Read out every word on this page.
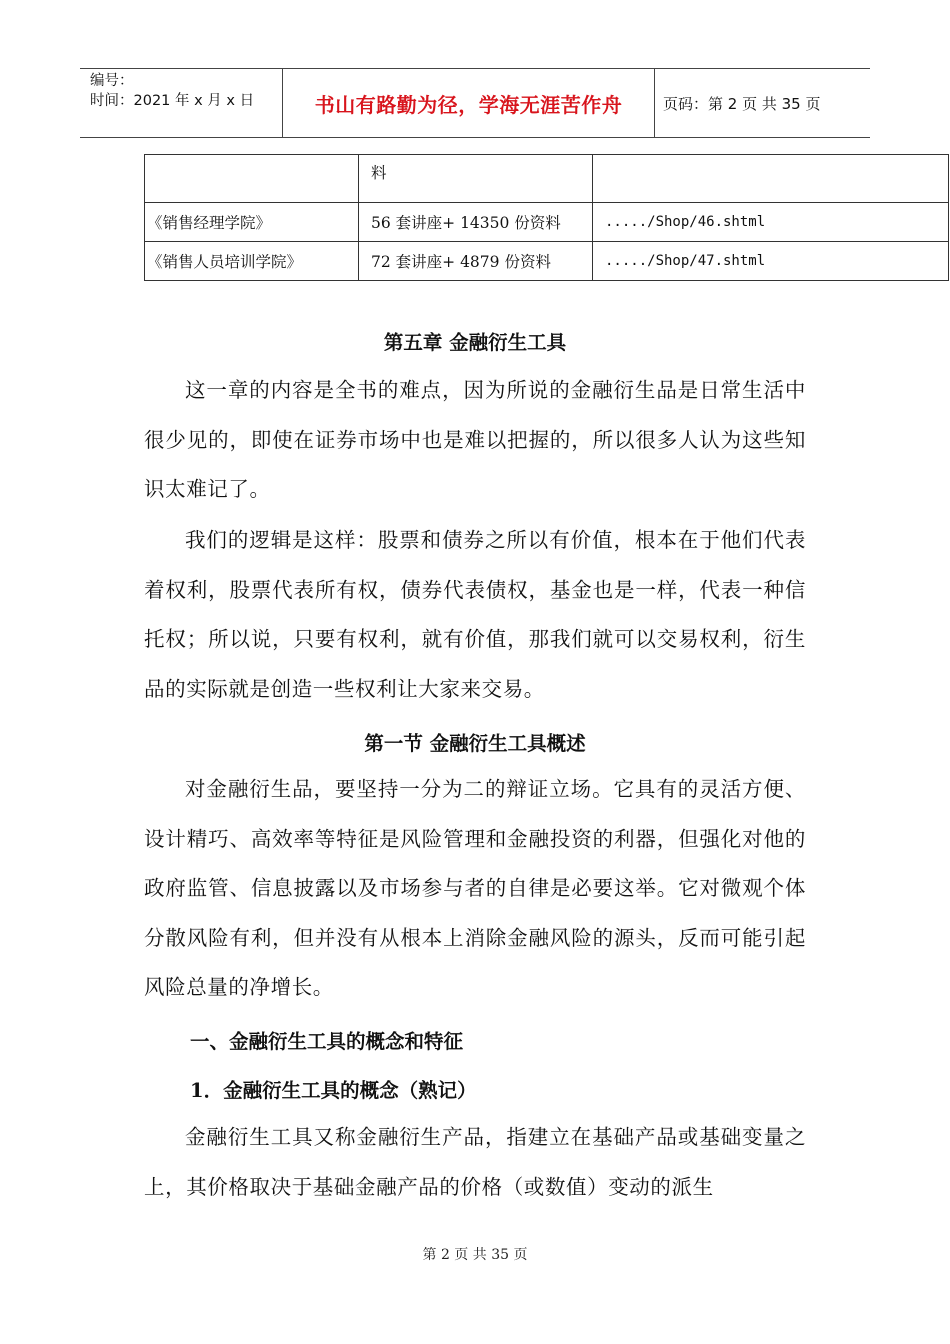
编号：
时间：2021 年 x 月 x 日	书山有路勤为径，学海无涯苦作舟	页码：第 2 页 共 35 页
	料	
《销售经理学院》	56 套讲座+ 14350 份资料	...../Shop/46.shtml
《销售人员培训学院》	72 套讲座+ 4879 份资料	...../Shop/47.shtml
第五章 金融衍生工具
这一章的内容是全书的难点，因为所说的金融衍生品是日常生活中很少见的，即使在证券市场中也是难以把握的，所以很多人认为这些知识太难记了。
我们的逻辑是这样：股票和债券之所以有价值，根本在于他们代表着权利，股票代表所有权，债券代表债权，基金也是一样，代表一种信托权；所以说，只要有权利，就有价值，那我们就可以交易权利，衍生品的实际就是创造一些权利让大家来交易。
第一节 金融衍生工具概述
对金融衍生品，要坚持一分为二的辩证立场。它具有的灵活方便、设计精巧、高效率等特征是风险管理和金融投资的利器，但强化对他的政府监管、信息披露以及市场参与者的自律是必要这举。它对微观个体分散风险有利，但并没有从根本上消除金融风险的源头，反而可能引起风险总量的净增长。
一、金融衍生工具的概念和特征
1．金融衍生工具的概念（熟记）
金融衍生工具又称金融衍生产品，指建立在基础产品或基础变量之上，其价格取决于基础金融产品的价格（或数值）变动的派生
第 2 页 共 35 页
